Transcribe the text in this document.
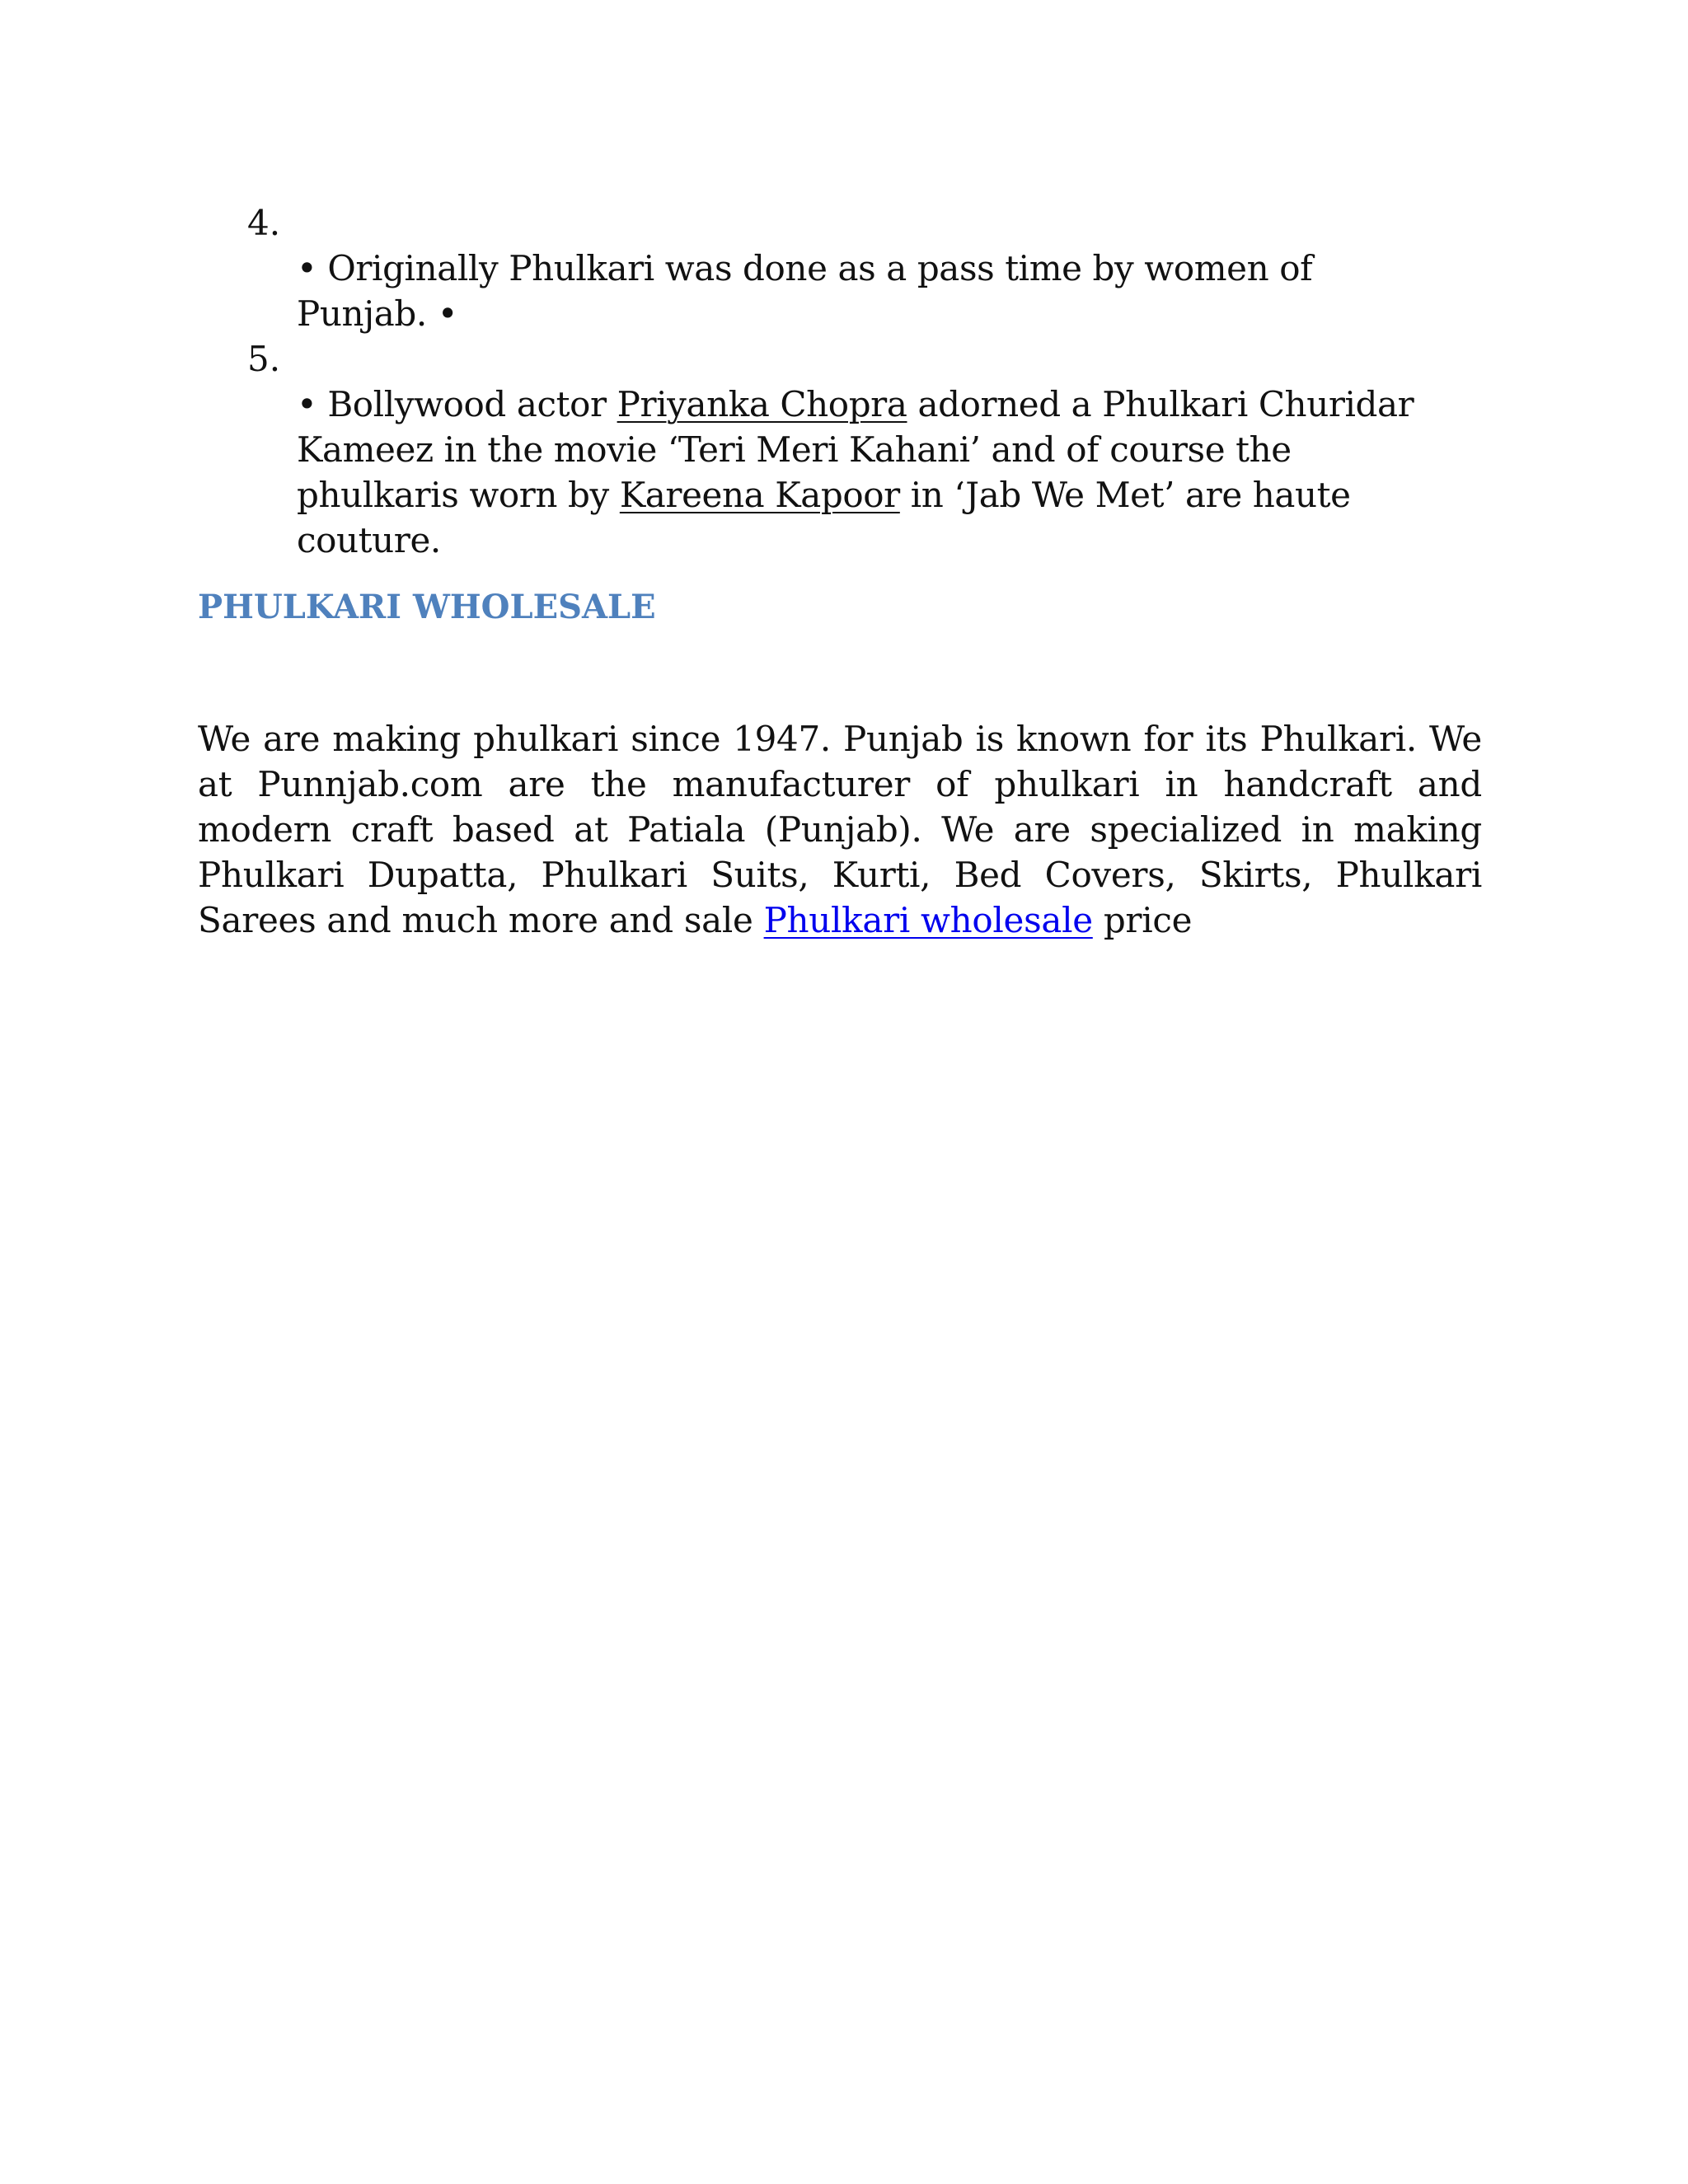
4.
• Originally Phulkari was done as a pass time by women of Punjab. •
5.
• Bollywood actor Priyanka Chopra adorned a Phulkari Churidar Kameez in the movie ‘Teri Meri Kahani’ and of course the phulkaris worn by Kareena Kapoor in ‘Jab We Met’ are haute couture.
PHULKARI WHOLESALE

We are making phulkari since 1947. Punjab is known for its Phulkari. We at Punnjab.com are the manufacturer of phulkari in handcraft and modern craft based at Patiala (Punjab). We are specialized in making Phulkari Dupatta, Phulkari Suits, Kurti, Bed Covers, Skirts, Phulkari Sarees and much more and sale Phulkari wholesale price
